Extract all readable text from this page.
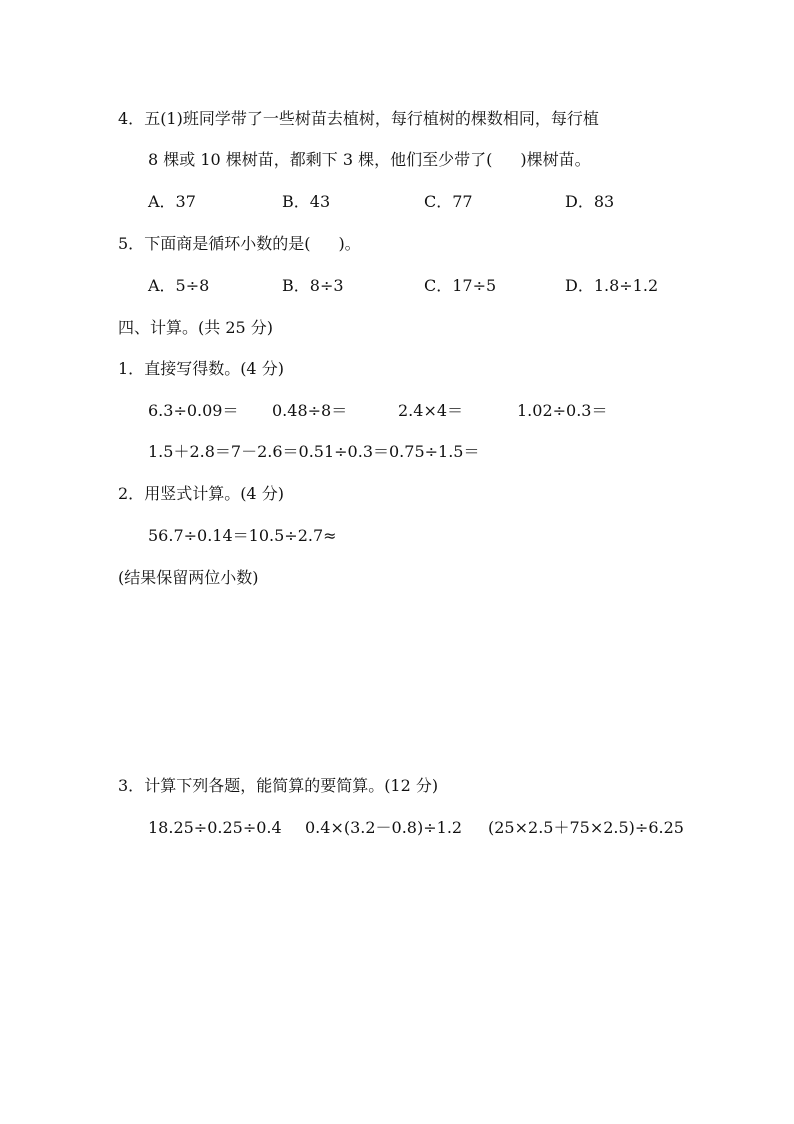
4．五(1)班同学带了一些树苗去植树，每行植树的棵数相同，每行植
8 棵或 10 棵树苗，都剩下 3 棵，他们至少带了( )棵树苗。
A．37	B．43	C．77	D．83
5．下面商是循环小数的是( )。
A．5÷8	B．8÷3	C．17÷5	D．1.8÷1.2
四、计算。(共 25 分)
1．直接写得数。(4 分)
6.3÷0.09＝ 0.48÷8＝	2.4×4＝	1.02÷0.3＝
1.5＋2.8＝7－2.6＝0.51÷0.3＝0.75÷1.5＝
2．用竖式计算。(4 分)
56.7÷0.14＝10.5÷2.7≈
(结果保留两位小数)
3．计算下列各题，能简算的要简算。(12 分)
18.25÷0.25÷0.4 0.4×(3.2－0.8)÷1.2 (25×2.5＋75×2.5)÷6.25
